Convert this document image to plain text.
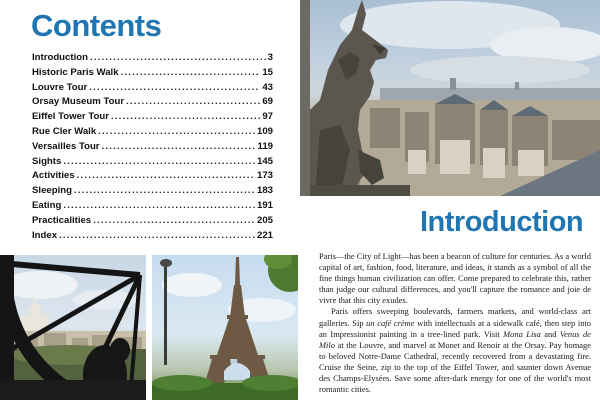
Contents
Introduction .....	3
Historic Paris Walk .....	15
Louvre Tour .....	43
Orsay Museum Tour .....	69
Eiffel Tower Tour .....	97
Rue Cler Walk .....	109
Versailles Tour .....	119
Sights .....	145
Activities .....	173
Sleeping .....	183
Eating .....	191
Practicalities .....	205
Index .....	221	Introduction

Paris—the City of Light—has been a beacon of culture for centuries. As a world capital of art, fashion, food, literature, and ideas, it stands as a symbol of all the fine things human civilization can offer. Come prepared to celebrate this, rather than judge our cultural differences, and you'll capture the romance and joie de vivre that this city exudes.

Paris offers sweeping boulevards, farmers markets, and world-class art galleries. Sip un café crème with intellectuals at a sidewalk café, then step into an Impressionist painting in a tree-lined park. Visit Mona Lisa and Venus de Milo at the Louvre, and marvel at Monet and Renoir at the Orsay. Pay homage to beloved Notre-Dame Cathedral, recently recovered from a devastating fire. Cruise the Seine, zip to the top of the Eiffel Tower, and saunter down Avenue des Champs-Elysées. Save some after-dark energy for one of the world's most romantic cities.
